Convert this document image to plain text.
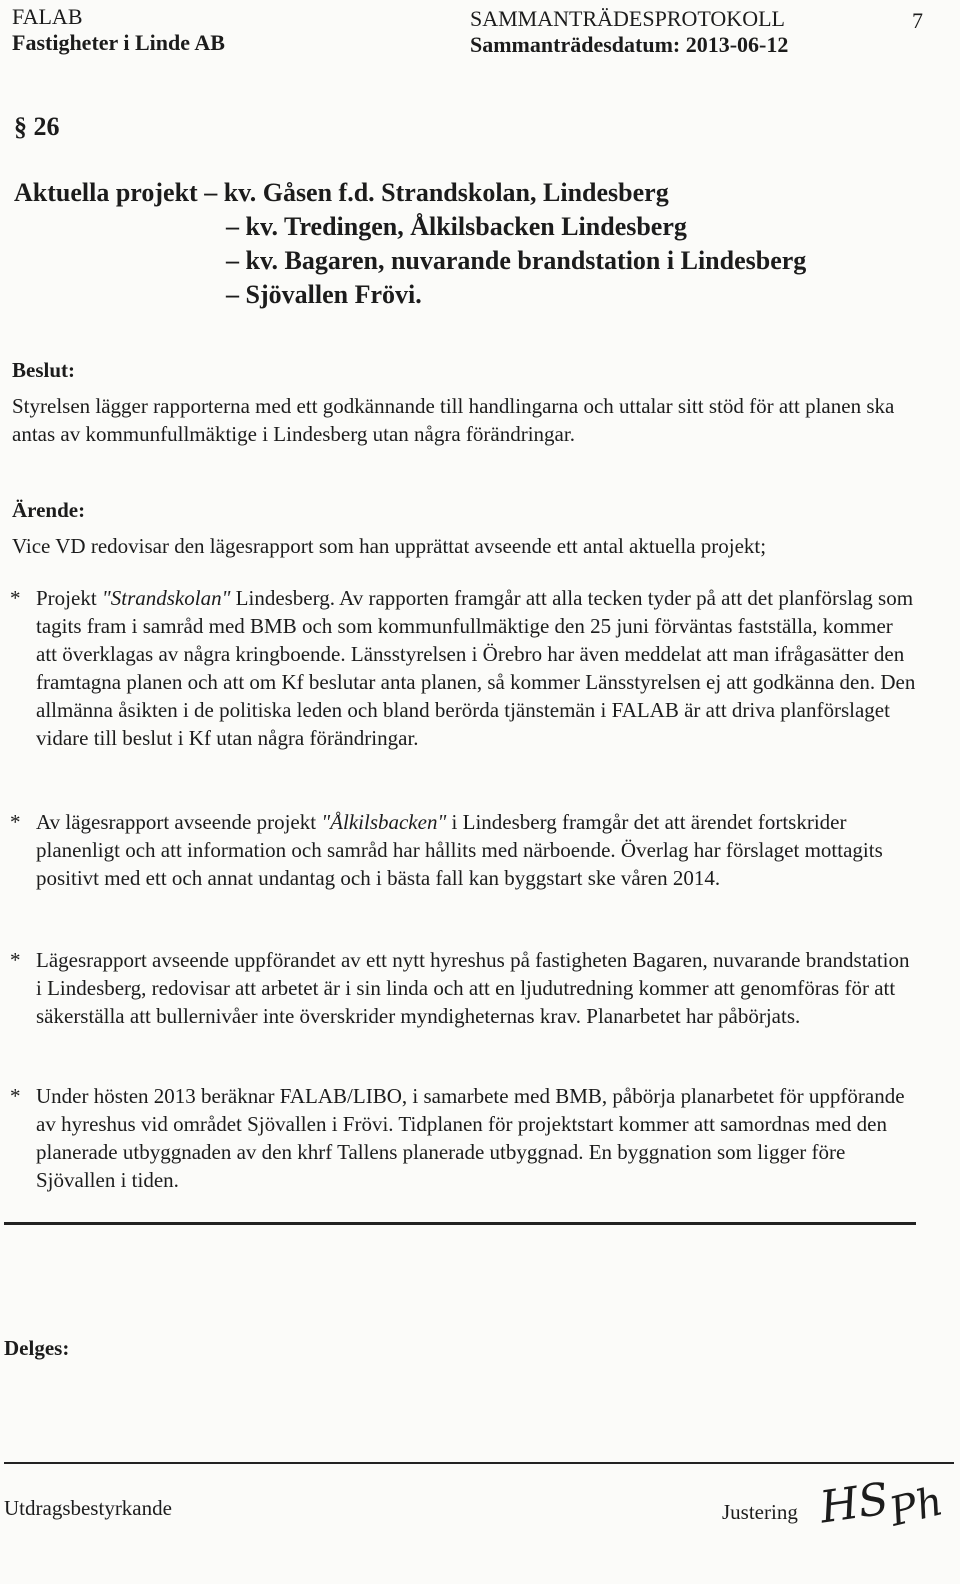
FALAB
Fastigheter i Linde AB
SAMMANTRÄDESPROTOKOLL
Sammanträdesdatum: 2013-06-12
7
§ 26
Aktuella projekt – kv. Gåsen f.d. Strandskolan, Lindesberg
– kv. Tredingen, Ålkilsbacken Lindesberg
– kv. Bagaren, nuvarande brandstation i Lindesberg
– Sjövallen Frövi.
Beslut:
Styrelsen lägger rapporterna med ett godkännande till handlingarna och uttalar sitt stöd för att planen ska antas av kommunfullmäktige i Lindesberg utan några förändringar.
Ärende:
Vice VD redovisar den lägesrapport som han upprättat avseende ett antal aktuella projekt;
* Projekt "Strandskolan" Lindesberg. Av rapporten framgår att alla tecken tyder på att det planförslag som tagits fram i samråd med BMB och som kommunfullmäktige den 25 juni förväntas fastställa, kommer att överklagas av några kringboende. Länsstyrelsen i Örebro har även meddelat att man ifrågasätter den framtagna planen och att om Kf beslutar anta planen, så kommer Länsstyrelsen ej att godkänna den. Den allmänna åsikten i de politiska leden och bland berörda tjänstemän i FALAB är att driva planförslaget vidare till beslut i Kf utan några förändringar.
* Av lägesrapport avseende projekt "Ålkilsbacken" i Lindesberg framgår det att ärendet fortskrider planenligt och att information och samråd har hållits med närboende. Överlag har förslaget mottagits positivt med ett och annat undantag och i bästa fall kan byggstart ske våren 2014.
* Lägesrapport avseende uppförandet av ett nytt hyreshus på fastigheten Bagaren, nuvarande brandstation i Lindesberg, redovisar att arbetet är i sin linda och att en ljudutredning kommer att genomföras för att säkerställa att bullernivåer inte överskrider myndigheternas krav. Planarbetet har påbörjats.
* Under hösten 2013 beräknar FALAB/LIBO, i samarbete med BMB, påbörja planarbetet för uppförande av hyreshus vid området Sjövallen i Frövi. Tidplanen för projektstart kommer att samordnas med den planerade utbyggnaden av den khrf Tallens planerade utbyggnad. En byggnation som ligger före Sjövallen i tiden.
Delges:
Utdragsbestyrkande	Justering HS
Ph
